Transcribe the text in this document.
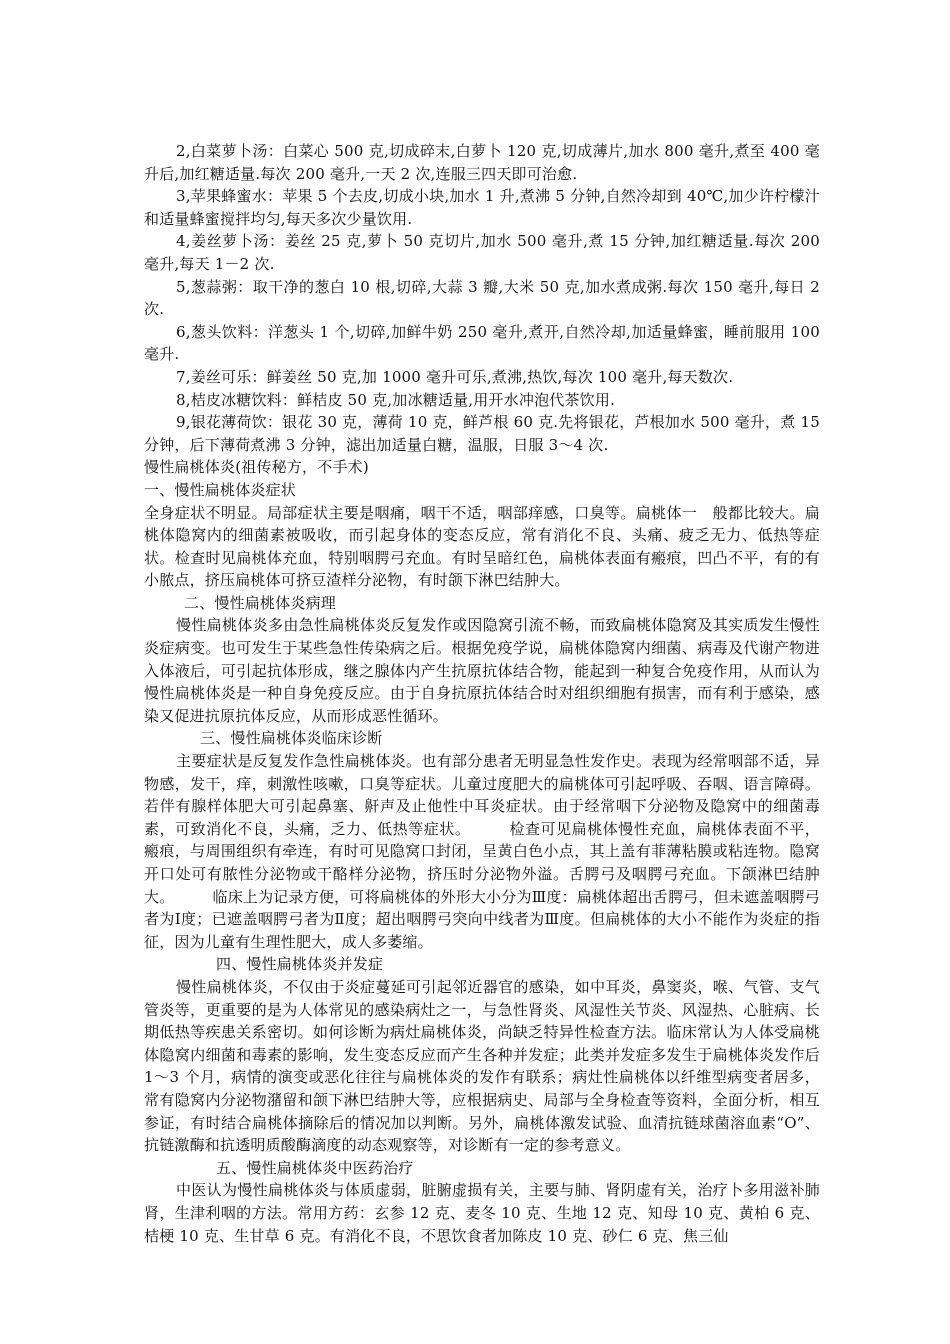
2,白菜萝卜汤：白菜心 500 克,切成碎末,白萝卜 120 克,切成薄片,加水 800 毫升,煮至 400 毫升后,加红糖适量.每次 200 毫升,一天 2 次,连服三四天即可治愈.

3,苹果蜂蜜水：苹果 5 个去皮,切成小块,加水 1 升,煮沸 5 分钟,自然冷却到 40℃,加少许柠檬汁和适量蜂蜜搅拌均匀,每天多次少量饮用.

4,姜丝萝卜汤：姜丝 25 克,萝卜 50 克切片,加水 500 毫升,煮 15 分钟,加红糖适量.每次 200 毫升,每天 1－2 次.

5,葱蒜粥：取干净的葱白 10 根,切碎,大蒜 3 瓣,大米 50 克,加水煮成粥.每次 150 毫升,每日 2 次.

6,葱头饮料：洋葱头 1 个,切碎,加鲜牛奶 250 毫升,煮开,自然冷却,加适量蜂蜜，睡前服用 100 毫升.

7,姜丝可乐：鲜姜丝 50 克,加 1000 毫升可乐,煮沸,热饮,每次 100 毫升,每天数次.

8,桔皮冰糖饮料：鲜桔皮 50 克,加冰糖适量,用开水冲泡代茶饮用.

9,银花薄荷饮：银花 30 克，薄荷 10 克，鲜芦根 60 克.先将银花，芦根加水 500 毫升，煮 15 分钟，后下薄荷煮沸 3 分钟，滤出加适量白糖，温服，日服 3～4 次.

慢性扁桃体炎(祖传秘方，不手术)

一、慢性扁桃体炎症状

全身症状不明显。局部症状主要是咽痛，咽干不适，咽部痒感，口臭等。扁桃体一　般都比较大。扁桃体隐窝内的细菌素被吸收，而引起身体的变态反应，常有消化不良、头痛、疲乏无力、低热等症状。检查时见扁桃体充血，特别咽腭弓充血。有时呈暗红色，扁桃体表面有瘢痕，凹凸不平，有的有小脓点，挤压扁桃体可挤豆渣样分泌物，有时颌下淋巴结肿大。

二、慢性扁桃体炎病理

慢性扁桃体炎多由急性扁桃体炎反复发作或因隐窝引流不畅，而致扁桃体隐窝及其实质发生慢性炎症病变。也可发生于某些急性传染病之后。根据免疫学说，扁桃体隐窝内细菌、病毒及代谢产物进入体液后，可引起抗体形成，继之腺体内产生抗原抗体结合物，能起到一种复合免疫作用，从而认为慢性扁桃体炎是一种自身免疫反应。由于自身抗原抗体结合时对组织细胞有损害，而有利于感染，感染又促进抗原抗体反应，从而形成恶性循环。

三、慢性扁桃体炎临床诊断

主要症状是反复发作急性扁桃体炎。也有部分患者无明显急性发作史。表现为经常咽部不适，异物感，发干，痒，刺激性咳嗽，口臭等症状。儿童过度肥大的扁桃体可引起呼吸、吞咽、语言障碍。若伴有腺样体肥大可引起鼻塞、鼾声及止他性中耳炎症状。由于经常咽下分泌物及隐窝中的细菌毒素，可致消化不良，头痛，乏力、低热等症状。　　　检查可见扁桃体慢性充血，扁桃体表面不平，瘢痕，与周围组织有牵连，有时可见隐窝口封闭，呈黄白色小点，其上盖有菲薄粘膜或粘连物。隐窝开口处可有脓性分泌物或干酪样分泌物，挤压时分泌物外溢。舌腭弓及咽腭弓充血。下颌淋巴结肿大。　　　临床上为记录方便，可将扁桃体的外形大小分为Ⅲ度：扁桃体超出舌腭弓，但未遮盖咽腭弓者为Ⅰ度；已遮盖咽腭弓者为Ⅱ度；超出咽腭弓突向中线者为Ⅲ度。但扁桃体的大小不能作为炎症的指征，因为儿童有生理性肥大，成人多萎缩。

四、慢性扁桃体炎并发症

慢性扁桃体炎，不仅由于炎症蔓延可引起邻近器官的感染，如中耳炎，鼻窦炎，喉、气管、支气管炎等，更重要的是为人体常见的感染病灶之一，与急性肾炎、风湿性关节炎、风湿热、心脏病、长期低热等疾患关系密切。如何诊断为病灶扁桃体炎，尚缺乏特异性检查方法。临床常认为人体受扁桃体隐窝内细菌和毒素的影响，发生变态反应而产生各种并发症；此类并发症多发生于扁桃体炎发作后 1～3 个月，病情的演变或恶化往往与扁桃体炎的发作有联系；病灶性扁桃体以纤维型病变者居多，常有隐窝内分泌物潴留和颌下淋巴结肿大等，应根据病史、局部与全身检查等资料，全面分析，相互参证，有时结合扁桃体摘除后的情况加以判断。另外，扁桃体激发试验、血清抗链球菌溶血素“O”、抗链激酶和抗透明质酸酶滴度的动态观察等，对诊断有一定的参考意义。

五、慢性扁桃体炎中医药治疗

中医认为慢性扁桃体炎与体质虚弱，脏腑虚损有关，主要与肺、肾阴虚有关，治疗卜多用滋补肺肾，生津利咽的方法。常用方药：玄参 12 克、麦冬 10 克、生地 12 克、知母 10 克、黄柏 6 克、桔梗 10 克、生甘草 6 克。有消化不良，不思饮食者加陈皮 10 克、砂仁 6 克、焦三仙
